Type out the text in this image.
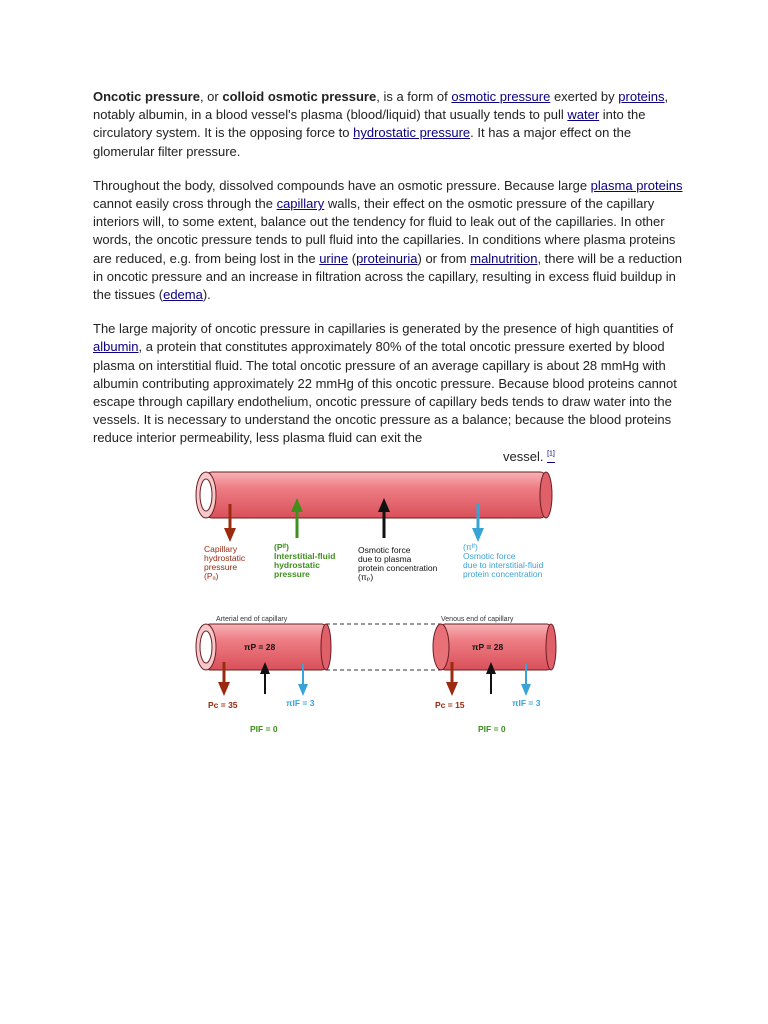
Oncotic pressure, or colloid osmotic pressure, is a form of osmotic pressure exerted by proteins, notably albumin, in a blood vessel's plasma (blood/liquid) that usually tends to pull water into the circulatory system. It is the opposing force to hydrostatic pressure. It has a major effect on the glomerular filter pressure.

Throughout the body, dissolved compounds have an osmotic pressure. Because large plasma proteins cannot easily cross through the capillary walls, their effect on the osmotic pressure of the capillary interiors will, to some extent, balance out the tendency for fluid to leak out of the capillaries. In other words, the oncotic pressure tends to pull fluid into the capillaries. In conditions where plasma proteins are reduced, e.g. from being lost in the urine (proteinuria) or from malnutrition, there will be a reduction in oncotic pressure and an increase in filtration across the capillary, resulting in excess fluid buildup in the tissues (edema).

The large majority of oncotic pressure in capillaries is generated by the presence of high quantities of albumin, a protein that constitutes approximately 80% of the total oncotic pressure exerted by blood plasma on interstitial fluid. The total oncotic pressure of an average capillary is about 28 mmHg with albumin contributing approximately 22 mmHg of this oncotic pressure. Because blood proteins cannot escape through capillary endothelium, oncotic pressure of capillary beds tends to draw water into the vessels. It is necessary to understand the oncotic pressure as a balance; because the blood proteins reduce interior permeability, less plasma fluid can exit thevessel. [1]

Capillary hydrostatic pressure (Pₐ)
(Pᴵᶠ) Interstitial-fluid hydrostatic pressure
Osmotic force due to plasma protein concentration (πₚ)
(πᴵᶠ) Osmotic force due to interstitial-fluid protein concentration
Arterial end of capillary	Venous end of capillary
πP = 28	πP = 28
Pc = 35	πIF = 3
PIF = 0
Pc = 15	πIF = 3
PIF = 0
